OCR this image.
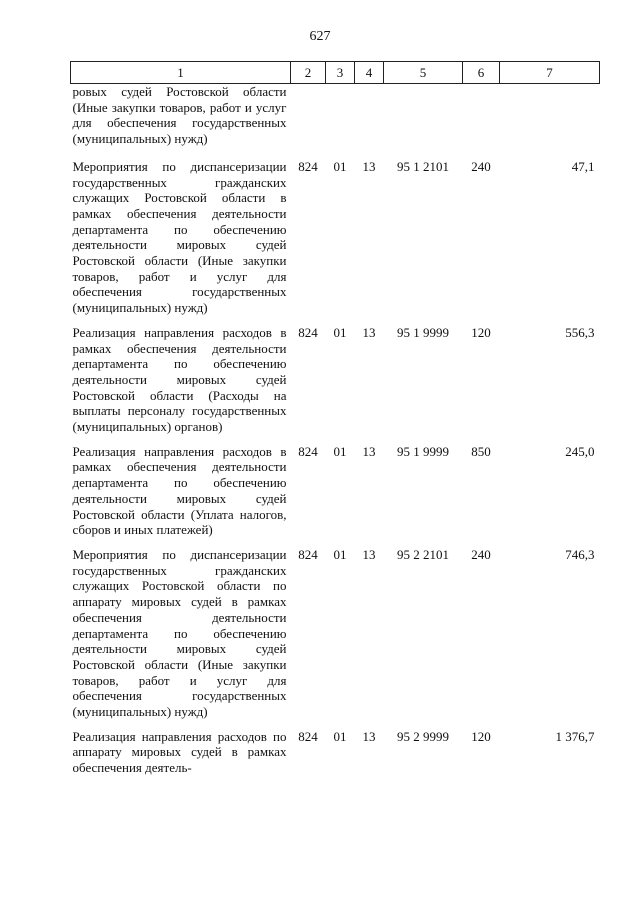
627
1	2	3	4	5	6	7
ровых судей Ростовской области (Иные закупки товаров, работ и услуг для обеспечения государственных (муниципальных) нужд)						
Мероприятия по диспансеризации государственных гражданских служащих Ростовской области в рамках обеспечения деятельности департамента по обеспечению деятельности мировых судей Ростовской области (Иные закупки товаров, работ и услуг для обеспечения государственных (муниципальных) нужд)	824	01	13	95 1 2101	240	47,1
Реализация направления расходов в рамках обеспечения деятельности департамента по обеспечению деятельности мировых судей Ростовской области (Расходы на выплаты персоналу государственных (муниципальных) органов)	824	01	13	95 1 9999	120	556,3
Реализация направления расходов в рамках обеспечения деятельности департамента по обеспечению деятельности мировых судей Ростовской области (Уплата налогов, сборов и иных платежей)	824	01	13	95 1 9999	850	245,0
Мероприятия по диспансеризации государственных гражданских служащих Ростовской области по аппарату мировых судей в рамках обеспечения деятельности департамента по обеспечению деятельности мировых судей Ростовской области (Иные закупки товаров, работ и услуг для обеспечения государственных (муниципальных) нужд)	824	01	13	95 2 2101	240	746,3
Реализация направления расходов по аппарату мировых судей в рамках обеспечения деятель-	824	01	13	95 2 9999	120	1 376,7
